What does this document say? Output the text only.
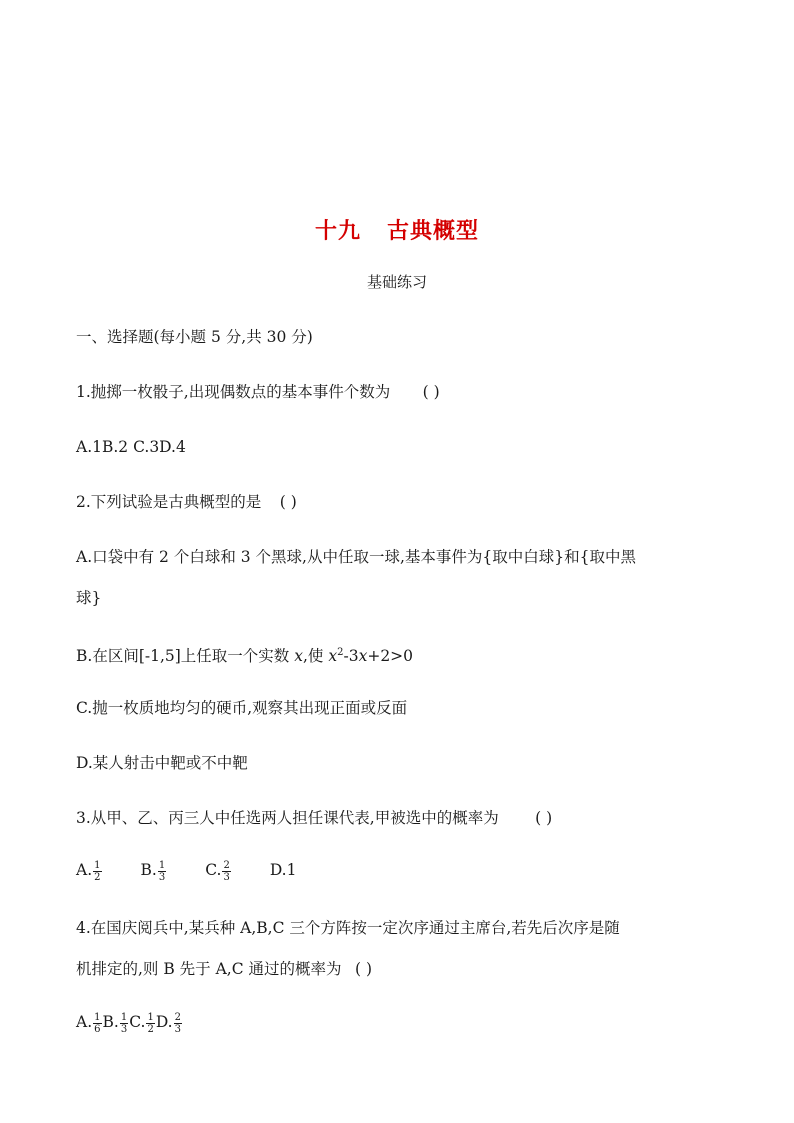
十九 古典概型
基础练习
一、选择题(每小题 5 分,共 30 分)
1.抛掷一枚骰子,出现偶数点的基本事件个数为 ( )
A.1B.2 C.3D.4
2.下列试验是古典概型的是 ( )
A.口袋中有 2 个白球和 3 个黑球,从中任取一球,基本事件为{取中白球}和{取中黑
球}
B.在区间[-1,5]上任取一个实数 x,使 $x^2-3x+2>0$
C.抛一枚质地均匀的硬币,观察其出现正面或反面
D.某人射击中靶或不中靶
3.从甲、乙、丙三人中任选两人担任课代表,甲被选中的概率为 ( )
A. $\frac{1}{2}$	B. $\frac{1}{3}$	C. $\frac{2}{3}$	D.1
4.在国庆阅兵中,某兵种 A,B,C 三个方阵按一定次序通过主席台,若先后次序是随
机排定的,则 B 先于 A,C 通过的概率为 ( )
A. $\frac{1}{6} B$. $\frac{1}{3} C$. $\frac{1}{2} D$. $\frac{2}{3}$
